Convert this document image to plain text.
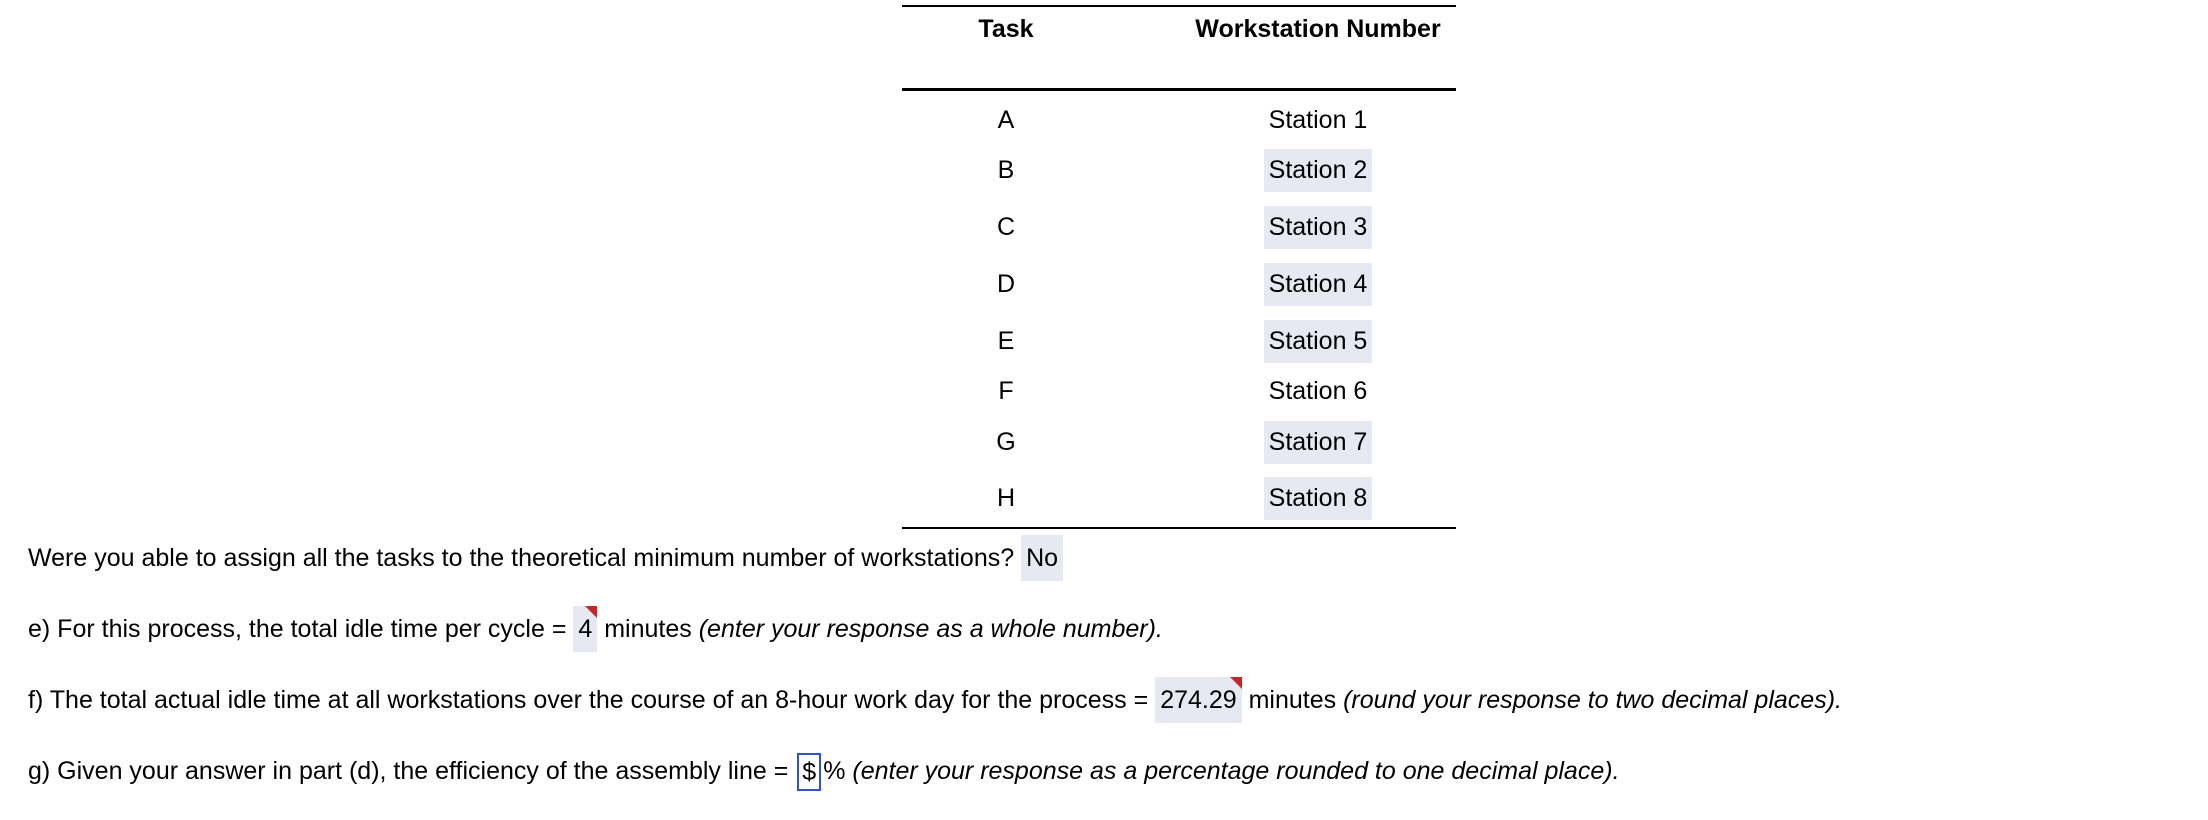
Task	Workstation Number
A	Station 1
B	Station 2
C	Station 3
D	Station 4
E	Station 5
F	Station 6
G	Station 7
H	Station 8
Were you able to assign all the tasks to the theoretical minimum number of workstations? No
e) For this process, the total idle time per cycle = 4 minutes (enter your response as a whole number).
f) The total actual idle time at all workstations over the course of an 8-hour work day for the process = 274.29 minutes (round your response to two decimal places).
g) Given your answer in part (d), the efficiency of the assembly line = $ % (enter your response as a percentage rounded to one decimal place).
